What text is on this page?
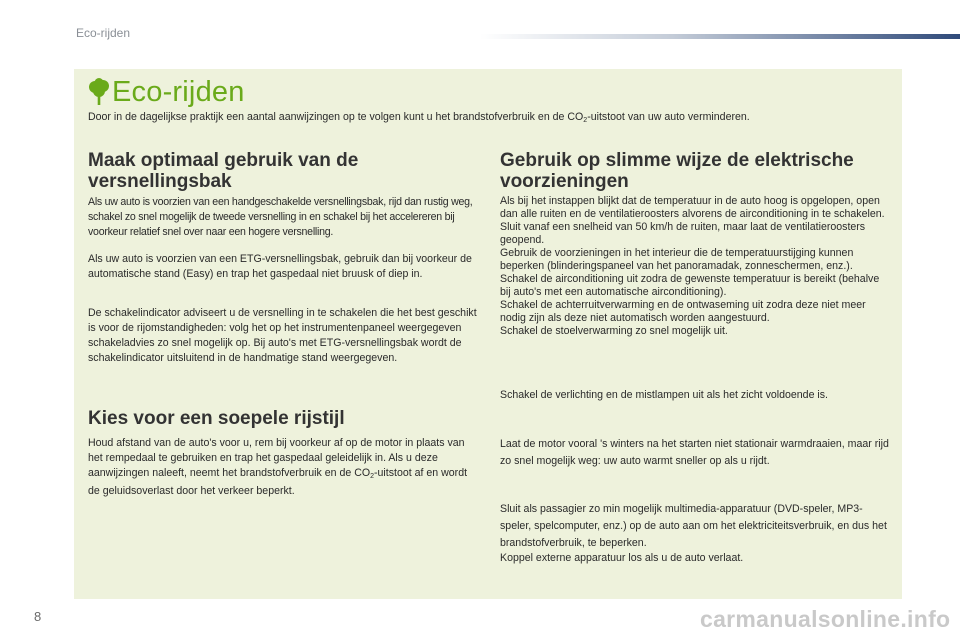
Eco-rijden
Eco-rijden
Door in de dagelijkse praktijk een aantal aanwijzingen op te volgen kunt u het brandstofverbruik en de $CO_2$-uitstoot van uw auto verminderen.
Maak optimaal gebruik van de versnellingsbak

Als uw auto is voorzien van een handgeschakelde versnellingsbak, rijd dan rustig weg, schakel zo snel mogelijk de tweede versnelling in en schakel bij het accelereren bij voorkeur relatief snel over naar een hogere versnelling.

Als uw auto is voorzien van een ETG-versnellingsbak, gebruik dan bij voorkeur de automatische stand (Easy) en trap het gaspedaal niet bruusk of diep in.

De schakelindicator adviseert u de versnelling in te schakelen die het best geschikt is voor de rijomstandigheden: volg het op het instrumentenpaneel weergegeven schakeladvies zo snel mogelijk op. Bij auto's met ETG-versnellingsbak wordt de schakelindicator uitsluitend in de handmatige stand weergegeven.

Kies voor een soepele rijstijl

Houd afstand van de auto's voor u, rem bij voorkeur af op de motor in plaats van het rempedaal te gebruiken en trap het gaspedaal geleidelijk in. Als u deze aanwijzingen naleeft, neemt het brandstofverbruik en de $CO_2$-uitstoot af en wordt de geluidsoverlast door het verkeer beperkt.

Gebruik op slimme wijze de elektrische voorzieningen

Als bij het instappen blijkt dat de temperatuur in de auto hoog is opgelopen, open dan alle ruiten en de ventilatieroosters alvorens de airconditioning in te schakelen.

Sluit vanaf een snelheid van 50 km/h de ruiten, maar laat de ventilatieroosters geopend.

Gebruik de voorzieningen in het interieur die de temperatuurstijging kunnen beperken (blinderingspaneel van het panoramadak, zonneschermen, enz.).

Schakel de airconditioning uit zodra de gewenste temperatuur is bereikt (behalve bij auto's met een automatische airconditioning).

Schakel de achterruitverwarming en de ontwaseming uit zodra deze niet meer nodig zijn als deze niet automatisch worden aangestuurd.

Schakel de stoelverwarming zo snel mogelijk uit.

Schakel de verlichting en de mistlampen uit als het zicht voldoende is.

Laat de motor vooral 's winters na het starten niet stationair warmdraaien, maar rijd zo snel mogelijk weg: uw auto warmt sneller op als u rijdt.

Sluit als passagier zo min mogelijk multimedia-apparatuur (DVD-speler, MP3-speler, spelcomputer, enz.) op de auto aan om het elektriciteitsverbruik, en dus het brandstofverbruik, te beperken.

Koppel externe apparatuur los als u de auto verlaat.

8	carmanualsonline.info
